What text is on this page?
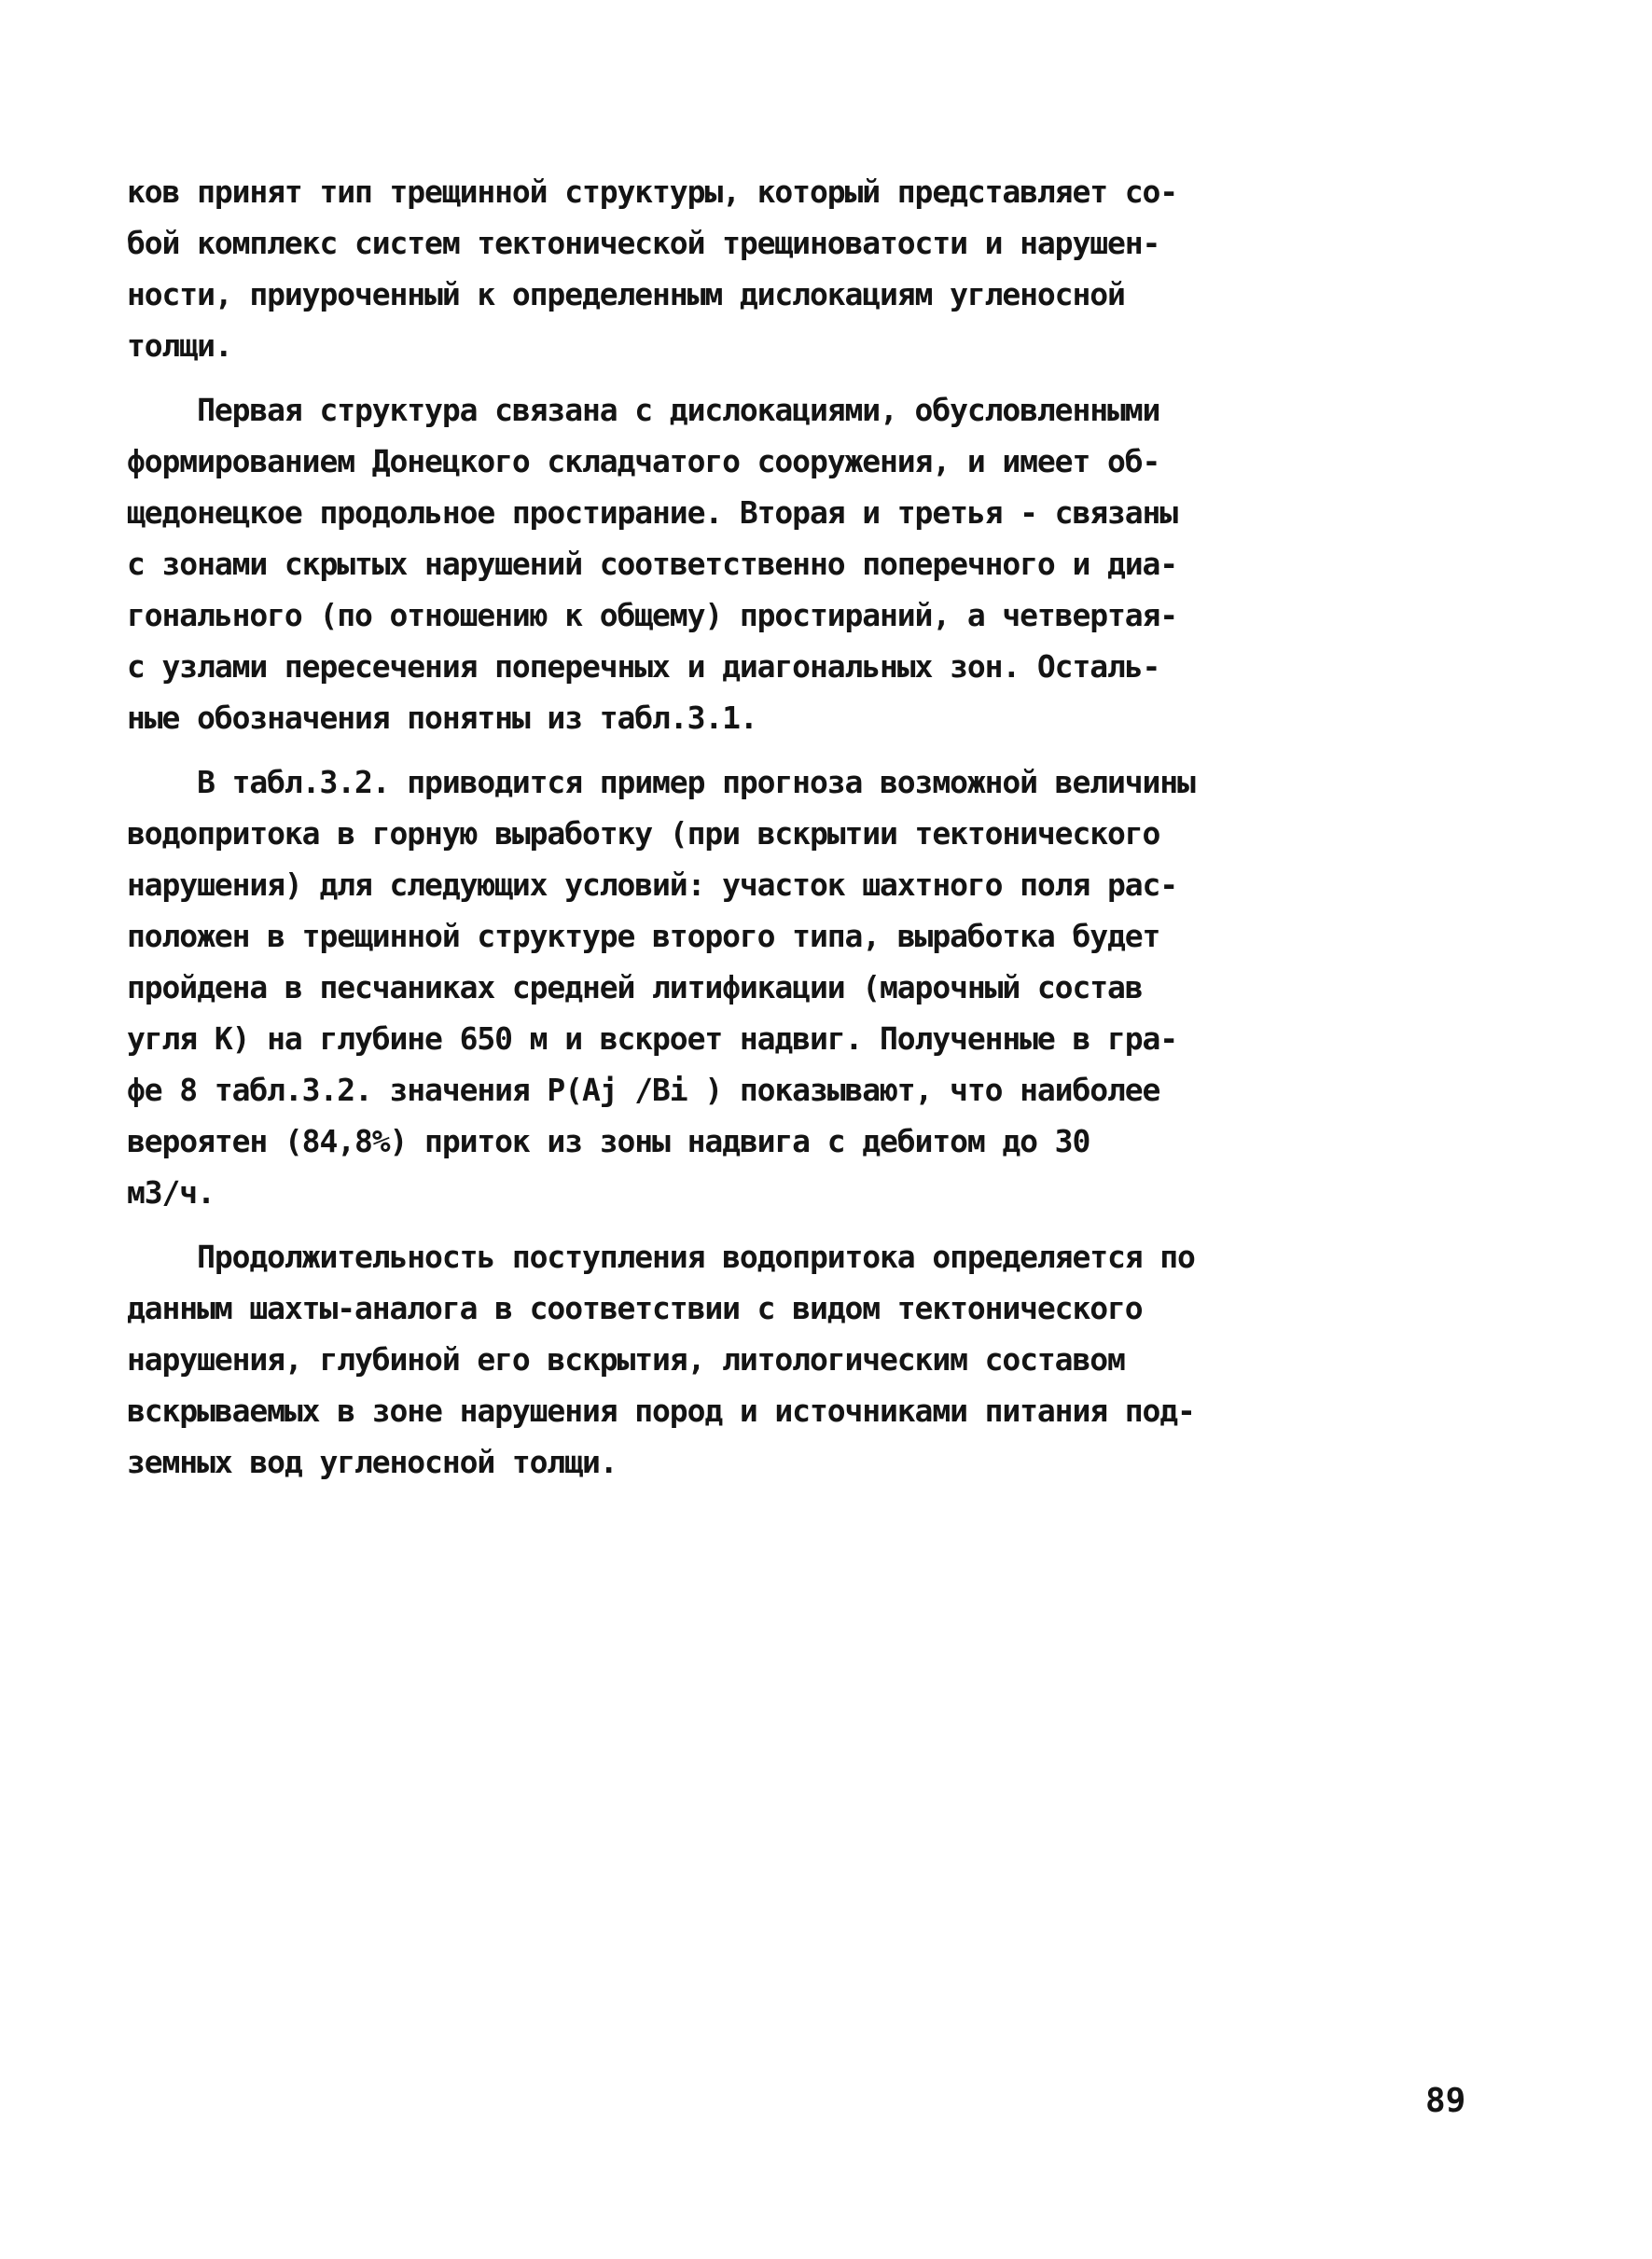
ков принят тип трещинной структуры, который представляет со-
бой комплекс систем тектонической трещиноватости и нарушен-
ности, приуроченный к определенным дислокациям угленосной
толщи.
Первая структура связана с дислокациями, обусловленными
формированием Донецкого складчатого сооружения, и имеет об-
щедонецкое продольное простирание. Вторая и третья - связаны
с зонами скрытых нарушений соответственно поперечного и диа-
гонального (по отношению к общему) простираний, а четвертая-
с узлами пересечения поперечных и диагональных зон. Осталь-
ные обозначения понятны из табл.3.1.
В табл.3.2. приводится пример прогноза возможной величины
водопритока в горную выработку (при вскрытии тектонического
нарушения) для следующих условий: участок шахтного поля рас-
положен в трещинной структуре второго типа, выработка будет
пройдена в песчаниках средней литификации (марочный состав
угля К) на глубине 650 м и вскроет надвиг. Полученные в гра-
фе 8 табл.3.2. значения P(Aj /Bi ) показывают, что наиболее
вероятен (84,8%) приток из зоны надвига с дебитом до 30
м3/ч.
Продолжительность поступления водопритока определяется по
данным шахты-аналога в соответствии с видом тектонического
нарушения, глубиной его вскрытия, литологическим составом
вскрываемых в зоне нарушения пород и источниками питания под-
земных вод угленосной толщи.
89
